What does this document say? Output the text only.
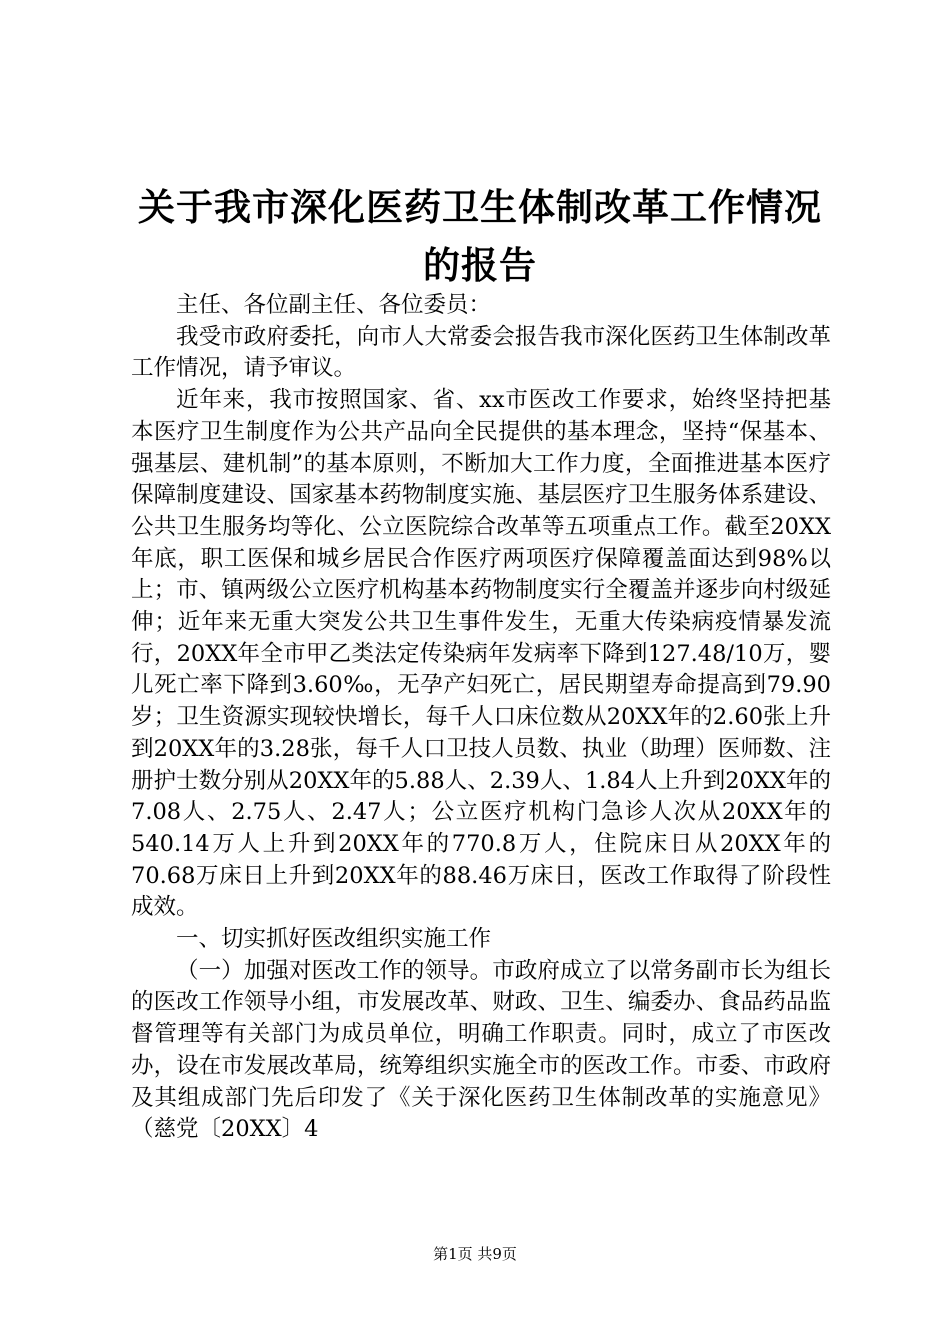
关于我市深化医药卫生体制改革工作情况的报告

主任、各位副主任、各位委员：

我受市政府委托，向市人大常委会报告我市深化医药卫生体制改革工作情况，请予审议。

近年来，我市按照国家、省、xx市医改工作要求，始终坚持把基本医疗卫生制度作为公共产品向全民提供的基本理念，坚持“保基本、强基层、建机制”的基本原则，不断加大工作力度，全面推进基本医疗保障制度建设、国家基本药物制度实施、基层医疗卫生服务体系建设、公共卫生服务均等化、公立医院综合改革等五项重点工作。截至20XX年底，职工医保和城乡居民合作医疗两项医疗保障覆盖面达到98%以上；市、镇两级公立医疗机构基本药物制度实行全覆盖并逐步向村级延伸；近年来无重大突发公共卫生事件发生，无重大传染病疫情暴发流行，20XX年全市甲乙类法定传染病年发病率下降到127.48/10万，婴儿死亡率下降到3.60‰，无孕产妇死亡，居民期望寿命提高到79.90岁；卫生资源实现较快增长，每千人口床位数从20XX年的2.60张上升到20XX年的3.28张，每千人口卫技人员数、执业（助理）医师数、注册护士数分别从20XX年的5.88人、2.39人、1.84人上升到20XX年的7.08人、2.75人、2.47人；公立医疗机构门急诊人次从20XX年的540.14万人上升到20XX年的770.8万人，住院床日从20XX年的70.68万床日上升到20XX年的88.46万床日，医改工作取得了阶段性成效。

一、切实抓好医改组织实施工作

（一）加强对医改工作的领导。市政府成立了以常务副市长为组长的医改工作领导小组，市发展改革、财政、卫生、编委办、食品药品监督管理等有关部门为成员单位，明确工作职责。同时，成立了市医改办，设在市发展改革局，统筹组织实施全市的医改工作。市委、市政府及其组成部门先后印发了《关于深化医药卫生体制改革的实施意见》（慈党〔20XX〕4

第1页 共9页
